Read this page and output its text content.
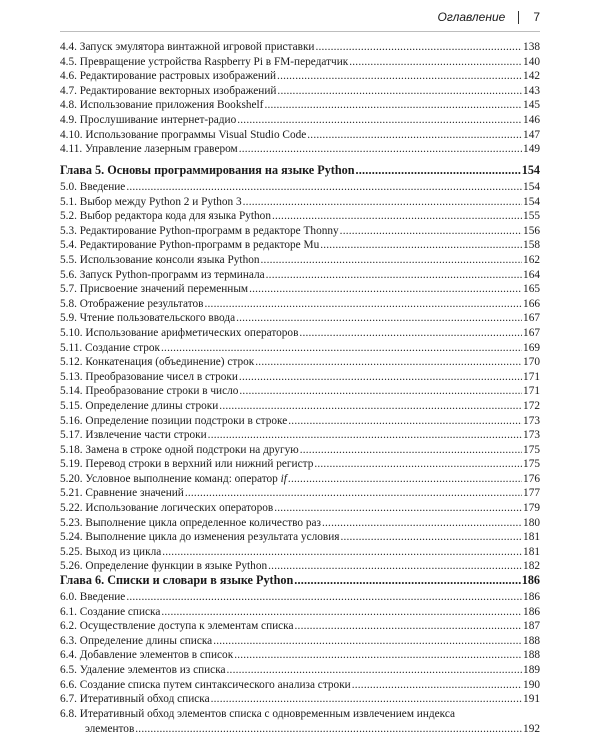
Оглавление 7
4.4. Запуск эмулятора винтажной игровой приставки .....	138
4.5. Превращение устройства Raspberry Pi в FM-передатчик .....	140
4.6. Редактирование растровых изображений .....	142
4.7. Редактирование векторных изображений .....	143
4.8. Использование приложения Bookshelf .....	145
4.9. Прослушивание интернет-радио .....	146
4.10. Использование программы Visual Studio Code .....	147
4.11. Управление лазерным гравером .....	149
Глава 5. Основы программирования на языке Python .....	154
5.0. Введение .....	154
5.1. Выбор между Python 2 и Python 3 .....	154
5.2. Выбор редактора кода для языка Python .....	155
5.3. Редактирование Python-программ в редакторе Thonny .....	156
5.4. Редактирование Python-программ в редакторе Mu .....	158
5.5. Использование консоли языка Python .....	162
5.6. Запуск Python-программ из терминала .....	164
5.7. Присвоение значений переменным .....	165
5.8. Отображение результатов .....	166
5.9. Чтение пользовательского ввода .....	167
5.10. Использование арифметических операторов .....	167
5.11. Создание строк .....	169
5.12. Конкатенация (объединение) строк .....	170
5.13. Преобразование чисел в строки .....	171
5.14. Преобразование строки в число .....	171
5.15. Определение длины строки .....	172
5.16. Определение позиции подстроки в строке .....	173
5.17. Извлечение части строки .....	173
5.18. Замена в строке одной подстроки на другую .....	175
5.19. Перевод строки в верхний или нижний регистр .....	175
5.20. Условное выполнение команд: оператор if .....	176
5.21. Сравнение значений .....	177
5.22. Использование логических операторов .....	179
5.23. Выполнение цикла определенное количество раз .....	180
5.24. Выполнение цикла до изменения результата условия .....	181
5.25. Выход из цикла .....	181
5.26. Определение функции в языке Python .....	182
Глава 6. Списки и словари в языке Python .....	186
6.0. Введение .....	186
6.1. Создание списка .....	186
6.2. Осуществление доступа к элементам списка .....	187
6.3. Определение длины списка .....	188
6.4. Добавление элементов в список .....	188
6.5. Удаление элементов из списка .....	189
6.6. Создание списка путем синтаксического анализа строки .....	190
6.7. Итеративный обход списка .....	191
6.8. Итеративный обход элементов списка с одновременным извлечением индекса
элементов .....	192
